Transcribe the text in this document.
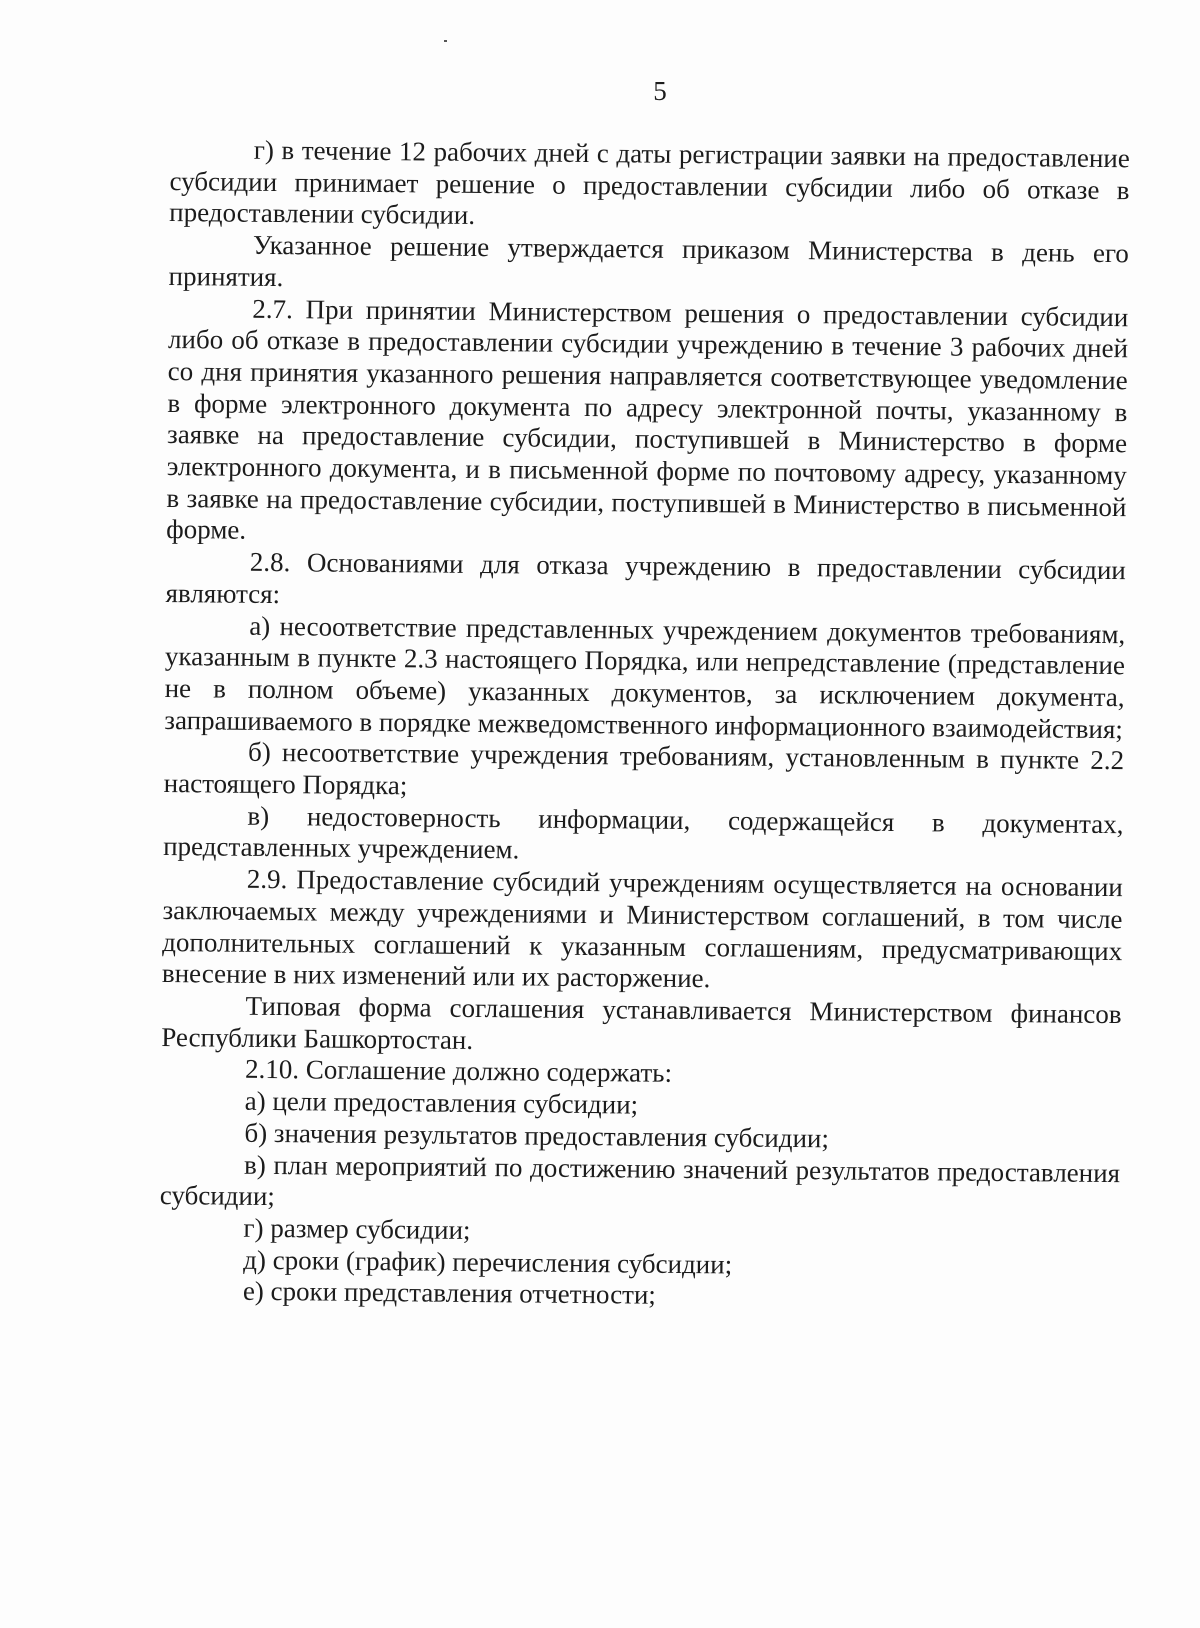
5

г) в течение 12 рабочих дней с даты регистрации заявки на предоставление субсидии принимает решение о предоставлении субсидии либо об отказе в предоставлении субсидии.

Указанное решение утверждается приказом Министерства в день его принятия.

2.7. При принятии Министерством решения о предоставлении субсидии либо об отказе в предоставлении субсидии учреждению в течение 3 рабочих дней со дня принятия указанного решения направляется соответствующее уведомление в форме электронного документа по адресу электронной почты, указанному в заявке на предоставление субсидии, поступившей в Министерство в форме электронного документа, и в письменной форме по почтовому адресу, указанному в заявке на предоставление субсидии, поступившей в Министерство в письменной форме.

2.8. Основаниями для отказа учреждению в предоставлении субсидии являются:

а) несоответствие представленных учреждением документов требованиям, указанным в пункте 2.3 настоящего Порядка, или непредставление (представление не в полном объеме) указанных документов, за исключением документа, запрашиваемого в порядке межведомственного информационного взаимодействия;

б) несоответствие учреждения требованиям, установленным в пункте 2.2 настоящего Порядка;

в) недостоверность информации, содержащейся в документах, представленных учреждением.

2.9. Предоставление субсидий учреждениям осуществляется на основании заключаемых между учреждениями и Министерством соглашений, в том числе дополнительных соглашений к указанным соглашениям, предусматривающих внесение в них изменений или их расторжение.

Типовая форма соглашения устанавливается Министерством финансов Республики Башкортостан.

2.10. Соглашение должно содержать:

а) цели предоставления субсидии;

б) значения результатов предоставления субсидии;

в) план мероприятий по достижению значений результатов предоставления субсидии;

г) размер субсидии;

д) сроки (график) перечисления субсидии;

е) сроки представления отчетности;
